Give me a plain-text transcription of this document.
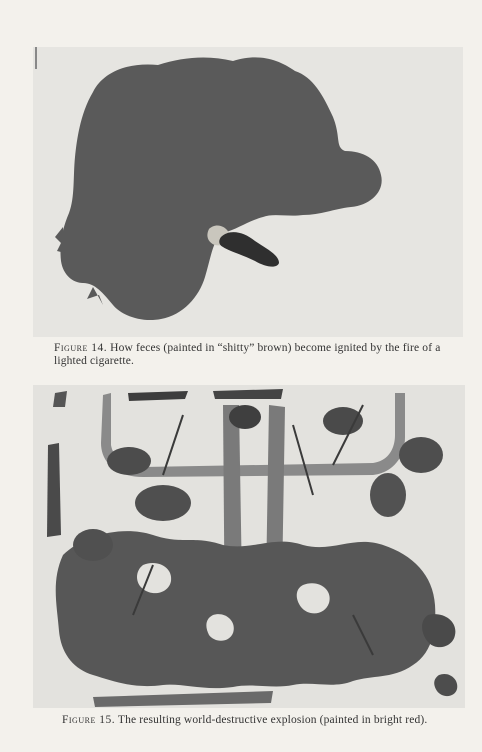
Figure 14. How feces (painted in “shitty” brown) become ignited by the fire of a lighted cigarette.
Figure 15. The resulting world-destructive explosion (painted in bright red).
